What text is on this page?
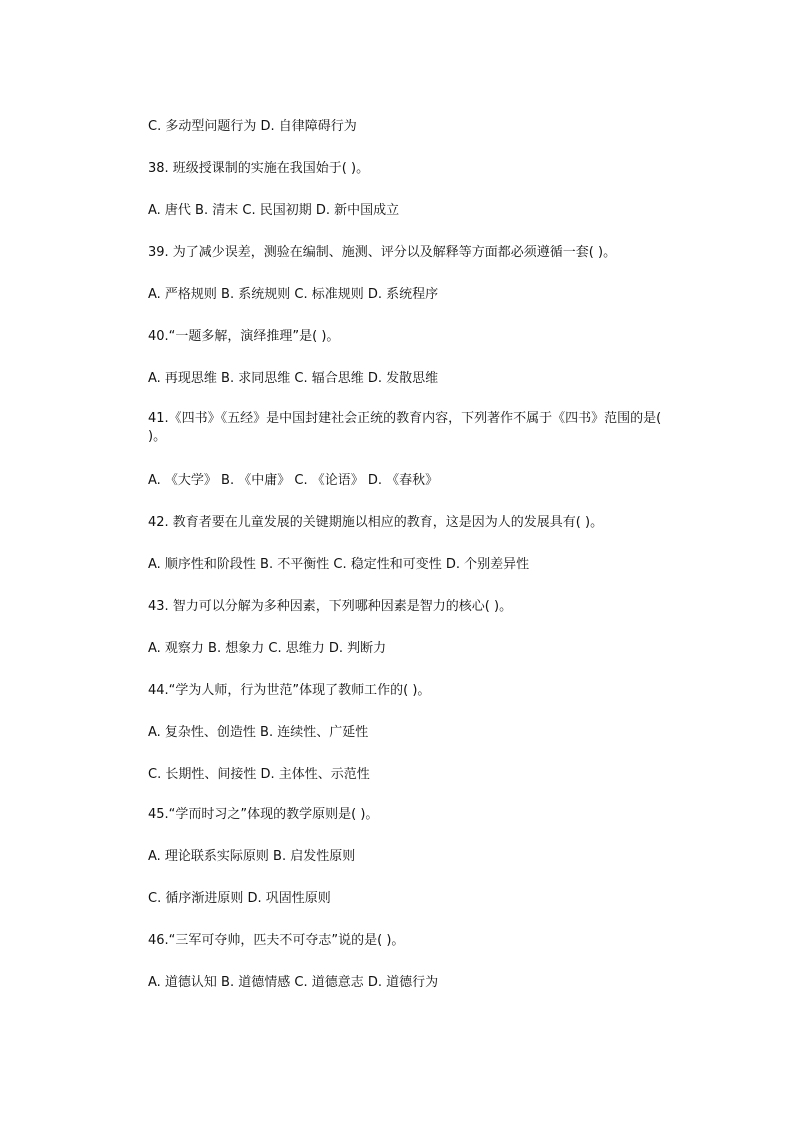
C. 多动型问题行为 D. 自律障碍行为
38. 班级授课制的实施在我国始于( )。
A. 唐代 B. 清末 C. 民国初期 D. 新中国成立
39. 为了减少误差，测验在编制、施测、评分以及解释等方面都必须遵循一套( )。
A. 严格规则 B. 系统规则 C. 标准规则 D. 系统程序
40.“一题多解，演绎推理”是( )。
A. 再现思维 B. 求同思维 C. 辐合思维 D. 发散思维
41.《四书》《五经》是中国封建社会正统的教育内容，下列著作不属于《四书》范围的是( )。
A. 《大学》 B. 《中庸》 C. 《论语》 D. 《春秋》
42. 教育者要在儿童发展的关键期施以相应的教育，这是因为人的发展具有( )。
A. 顺序性和阶段性 B. 不平衡性 C. 稳定性和可变性 D. 个别差异性
43. 智力可以分解为多种因素，下列哪种因素是智力的核心( )。
A. 观察力 B. 想象力 C. 思维力 D. 判断力
44.“学为人师，行为世范”体现了教师工作的( )。
A. 复杂性、创造性 B. 连续性、广延性
C. 长期性、间接性 D. 主体性、示范性
45.“学而时习之”体现的教学原则是( )。
A. 理论联系实际原则 B. 启发性原则
C. 循序渐进原则 D. 巩固性原则
46.“三军可夺帅，匹夫不可夺志”说的是( )。
A. 道德认知 B. 道德情感 C. 道德意志 D. 道德行为
